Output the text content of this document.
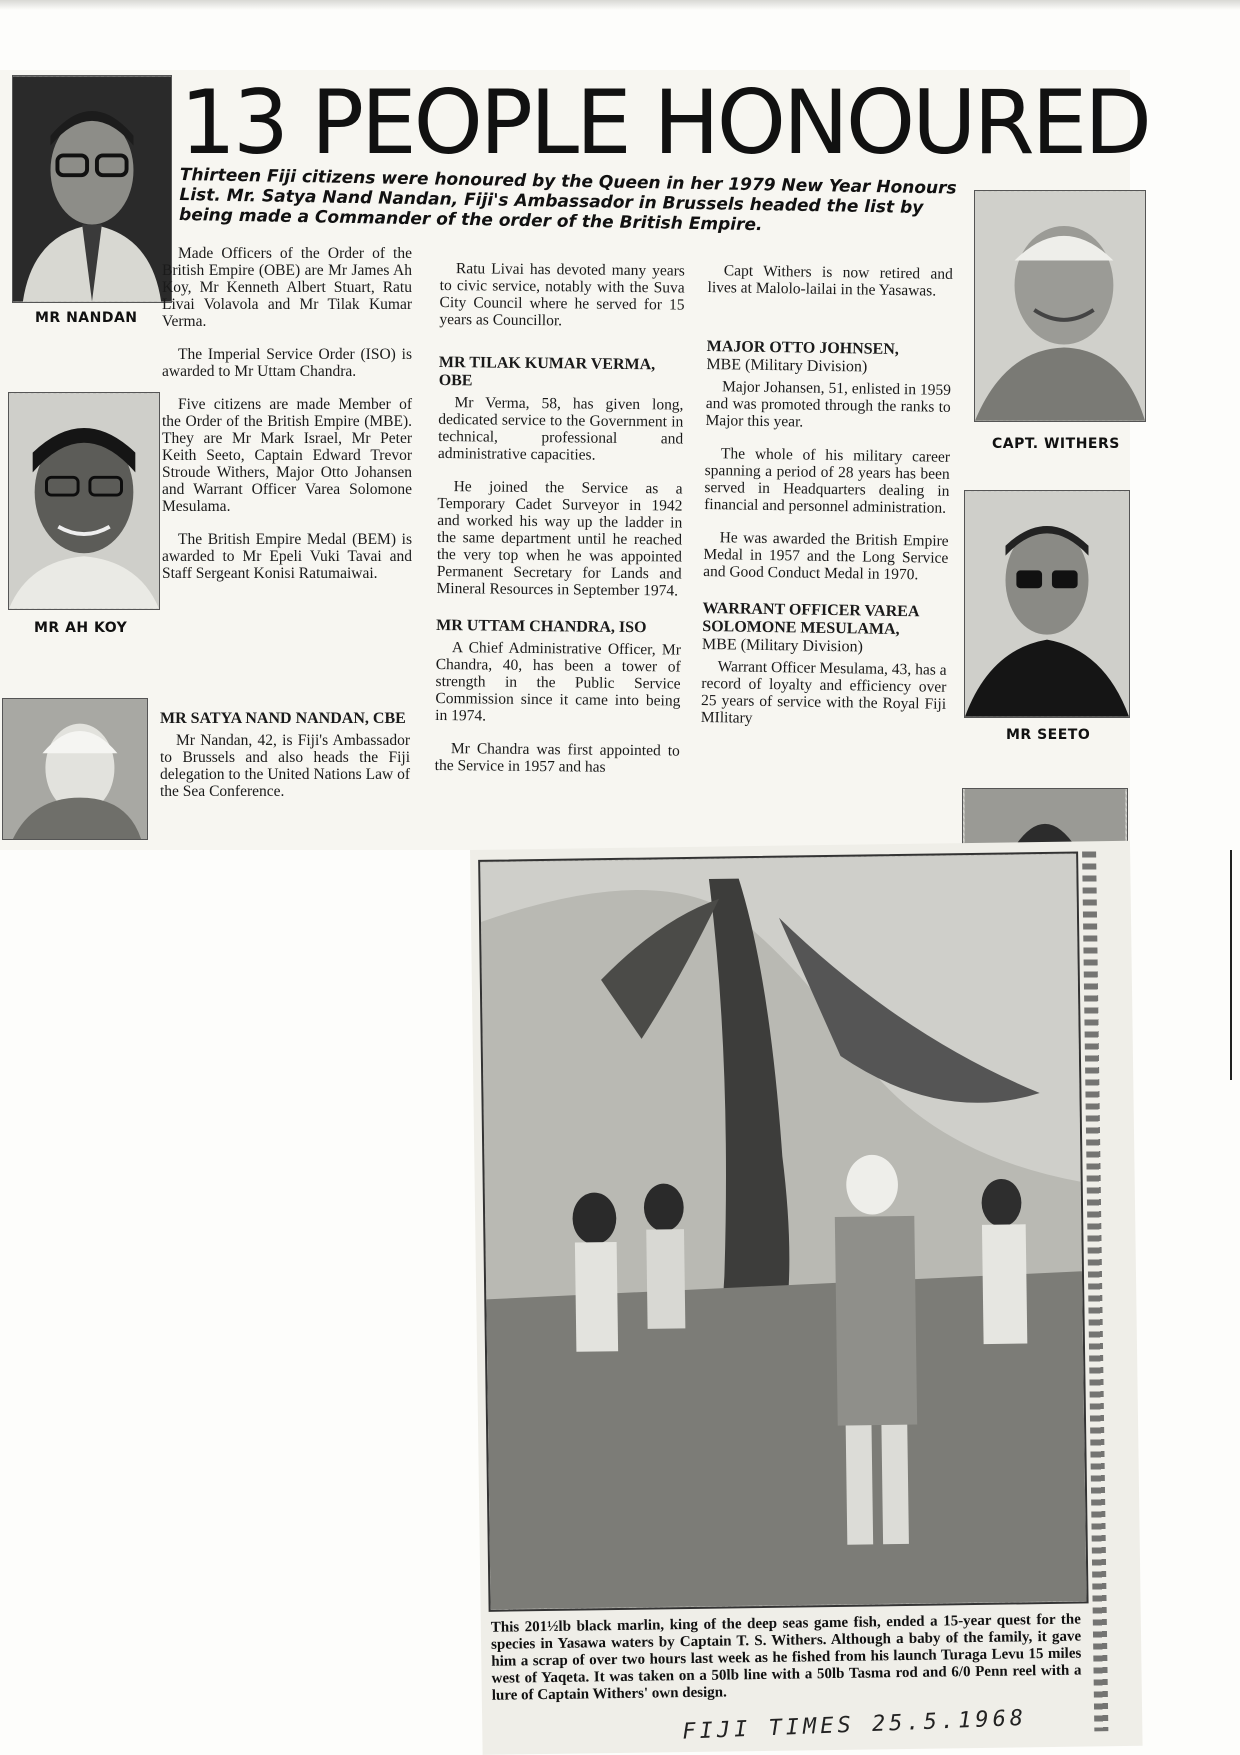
MR NANDAN
MR AH KOY
CAPT. WITHERS
MR SEETO
13 PEOPLE HONOURED
Thirteen Fiji citizens were honoured by the Queen in her 1979 New Year Honours List. Mr. Satya Nand Nandan, Fiji's Ambassador in Brussels headed the list by being made a Commander of the order of the British Empire.

Made Officers of the Order of the British Empire (OBE) are Mr James Ah Koy, Mr Kenneth Albert Stuart, Ratu Livai Volavola and Mr Tilak Kumar Verma.

The Imperial Service Order (ISO) is awarded to Mr Uttam Chandra.

Five citizens are made Member of the Order of the British Empire (MBE). They are Mr Mark Israel, Mr Peter Keith Seeto, Captain Edward Trevor Stroude Withers, Major Otto Johansen and Warrant Officer Varea Solomone Mesulama.

The British Empire Medal (BEM) is awarded to Mr Epeli Vuki Tavai and Staff Sergeant Konisi Ratumaiwai.

MR SATYA NAND NANDAN, CBE

Mr Nandan, 42, is Fiji's Ambassador to Brussels and also heads the Fiji delegation to the United Nations Law of the Sea Conference.

Ratu Livai has devoted many years to civic service, notably with the Suva City Council where he served for 15 years as Councillor.

MR TILAK KUMAR VERMA, OBE

Mr Verma, 58, has given long, dedicated service to the Government in technical, professional and administrative capacities.

He joined the Service as a Temporary Cadet Surveyor in 1942 and worked his way up the ladder in the same department until he reached the very top when he was appointed Permanent Secretary for Lands and Mineral Resources in September 1974.

MR UTTAM CHANDRA, ISO

A Chief Administrative Officer, Mr Chandra, 40, has been a tower of strength in the Public Service Commission since it came into being in 1974.

Mr Chandra was first appointed to the Service in 1957 and has

Capt Withers is now retired and lives at Malolo-lailai in the Yasawas.

MAJOR OTTO JOHNSEN,
MBE (Military Division)

Major Johansen, 51, enlisted in 1959 and was promoted through the ranks to Major this year.

The whole of his military career spanning a period of 28 years has been served in Headquarters dealing in financial and personnel administration.

He was awarded the British Empire Medal in 1957 and the Long Service and Good Conduct Medal in 1970.

WARRANT OFFICER VAREA SOLOMONE MESULAMA,
MBE (Military Division)

Warrant Officer Mesulama, 43, has a record of loyalty and efficiency over 25 years of service with the Royal Fiji MIlitary

This 201½lb black marlin, king of the deep seas game fish, ended a 15-year quest for the species in Yasawa waters by Captain T. S. Withers. Although a baby of the family, it gave him a scrap of over two hours last week as he fished from his launch Turaga Levu 15 miles west of Yaqeta. It was taken on a 50lb line with a 50lb Tasma rod and 6/0 Penn reel with a lure of Captain Withers' own design.
FIJI TIMES 25.5.1968
